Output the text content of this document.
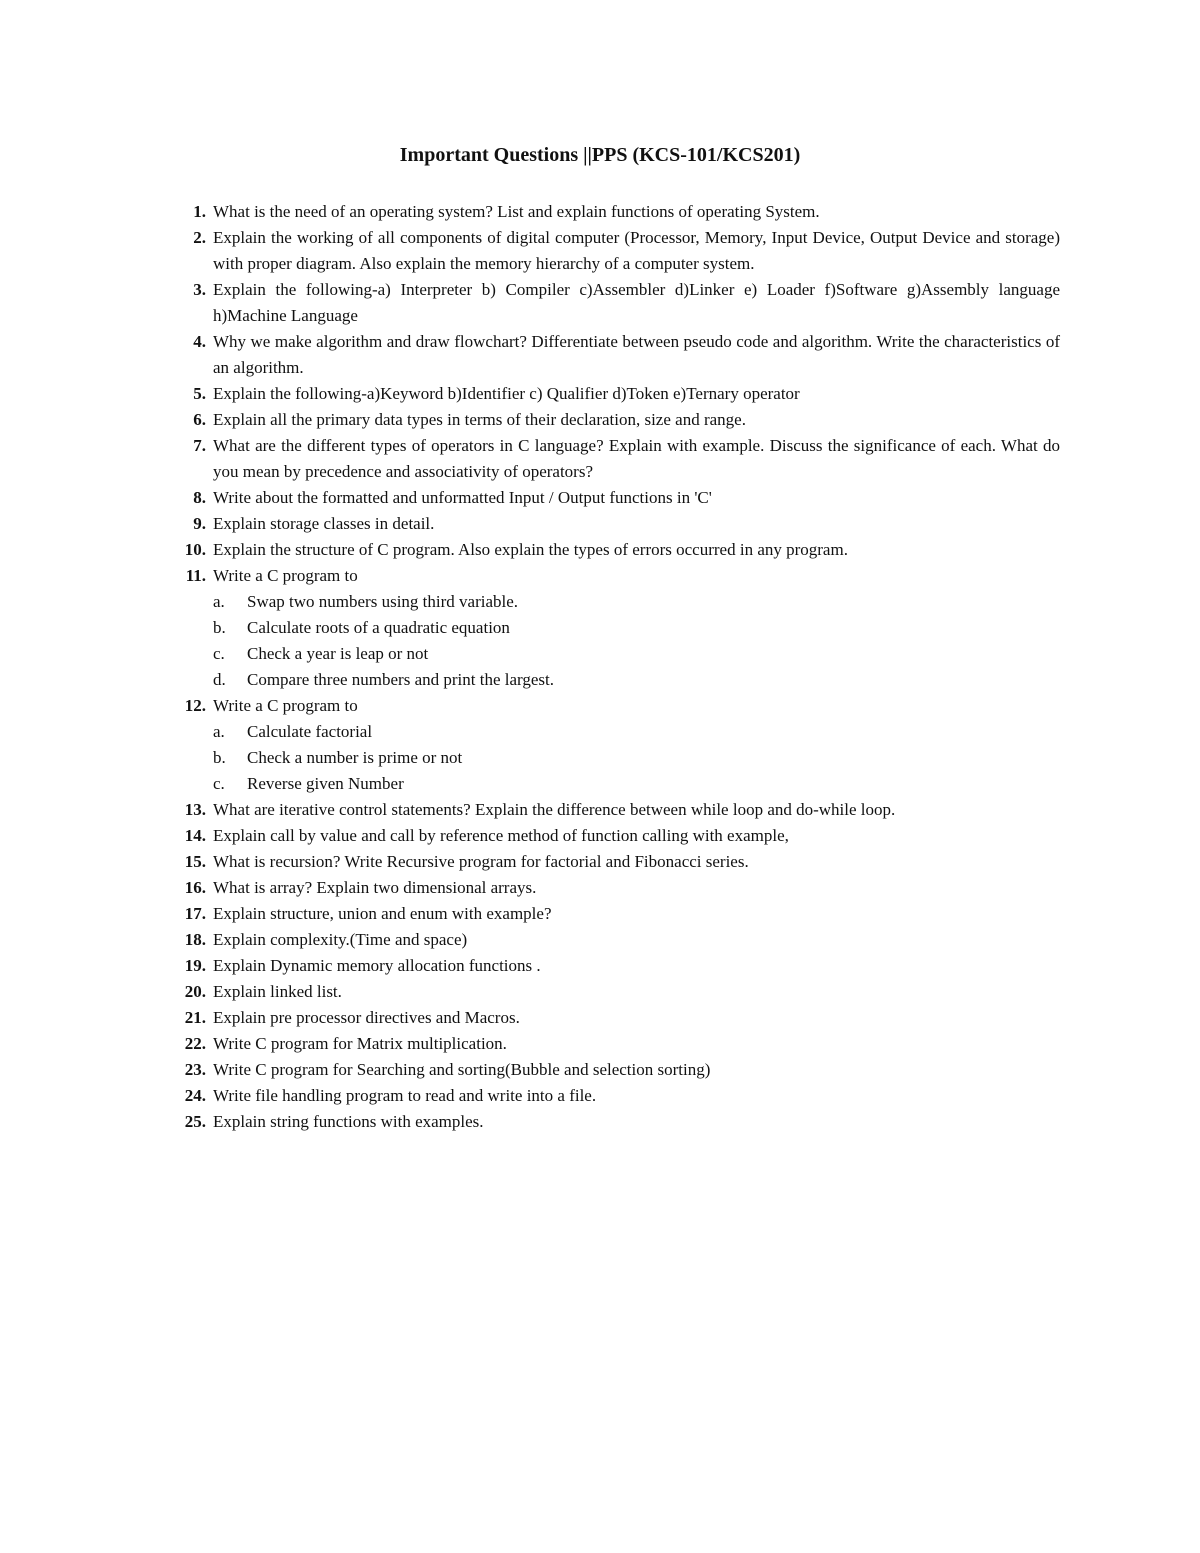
Important Questions ||PPS (KCS-101/KCS201)
1. What is the need of an operating system? List and explain functions of operating System.
2. Explain the working of all components of digital computer (Processor, Memory, Input Device, Output Device and storage) with proper diagram. Also explain the memory hierarchy of a computer system.
3. Explain the following-a) Interpreter b) Compiler c)Assembler d)Linker e) Loader f)Software g)Assembly language h)Machine Language
4. Why we make algorithm and draw flowchart? Differentiate between pseudo code and algorithm. Write the characteristics of an algorithm.
5. Explain the following-a)Keyword b)Identifier c) Qualifier d)Token e)Ternary operator
6. Explain all the primary data types in terms of their declaration, size and range.
7. What are the different types of operators in C language? Explain with example. Discuss the significance of each. What do you mean by precedence and associativity of operators?
8. Write about the formatted and unformatted Input / Output functions in 'C'
9. Explain storage classes in detail.
10. Explain the structure of C program. Also explain the types of errors occurred in any program.
11. Write a C program to
a. Swap two numbers using third variable.
b. Calculate roots of a quadratic equation
c. Check a year is leap or not
d. Compare three numbers and print the largest.
12. Write a C program to
a. Calculate factorial
b. Check a number is prime or not
c. Reverse given Number
13. What are iterative control statements? Explain the difference between while loop and do-while loop.
14. Explain call by value and call by reference method of function calling with example,
15. What is recursion? Write Recursive program for factorial and Fibonacci series.
16. What is array? Explain two dimensional arrays.
17. Explain structure, union and enum with example?
18. Explain complexity.(Time and space)
19. Explain Dynamic memory allocation functions .
20. Explain linked list.
21. Explain pre processor directives and Macros.
22. Write C program for Matrix multiplication.
23. Write C program for Searching and sorting(Bubble and selection sorting)
24. Write file handling program to read and write into a file.
25. Explain string functions with examples.
